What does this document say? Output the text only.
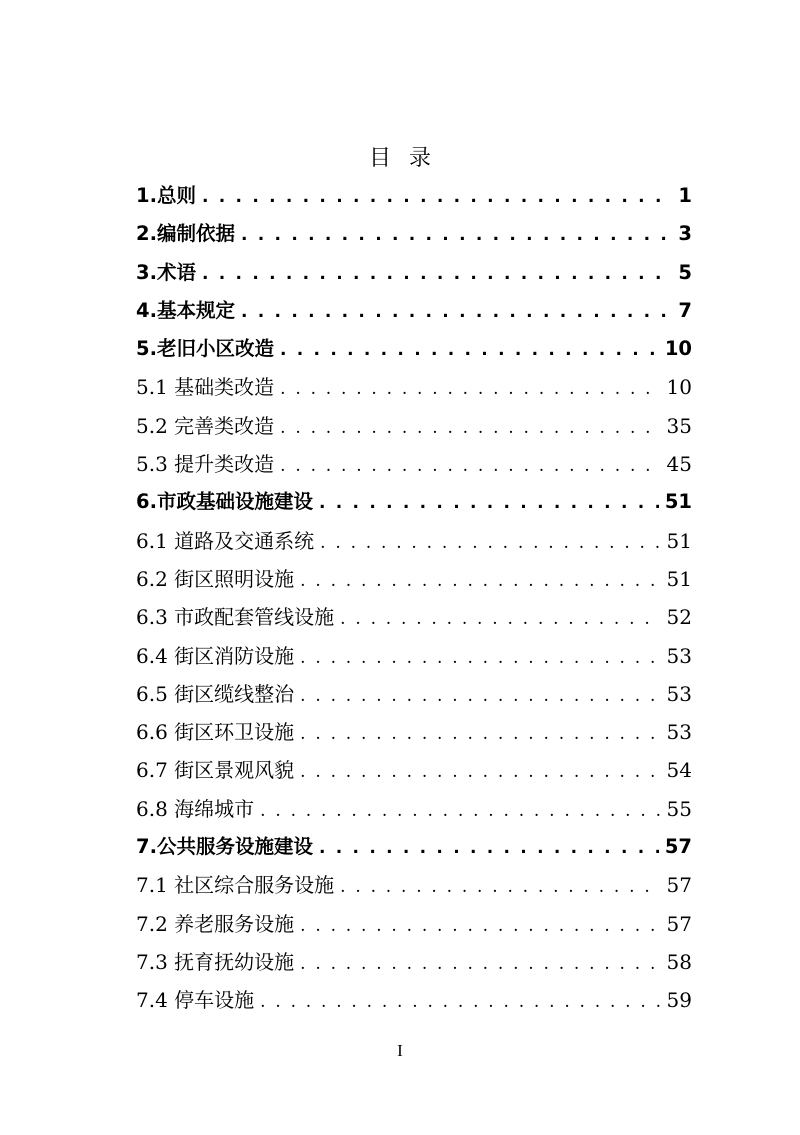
目录
1.总则 . . .	1
2.编制依据 . . .	3
3.术语 . . .	5
4.基本规定 . . .	7
5.老旧小区改造 . . .	10
5.1 基础类改造 . . .	10
5.2 完善类改造 . . .	35
5.3 提升类改造 . . .	45
6.市政基础设施建设 . . .	51
6.1 道路及交通系统 . . .	51
6.2 街区照明设施 . . .	51
6.3 市政配套管线设施 . . .	52
6.4 街区消防设施 . . .	53
6.5 街区缆线整治 . . .	53
6.6 街区环卫设施 . . .	53
6.7 街区景观风貌 . . .	54
6.8 海绵城市 . . .	55
7.公共服务设施建设 . . .	57
7.1 社区综合服务设施 . . .	57
7.2 养老服务设施 . . .	57
7.3 抚育抚幼设施 . . .	58
7.4 停车设施 . . .	59
I
